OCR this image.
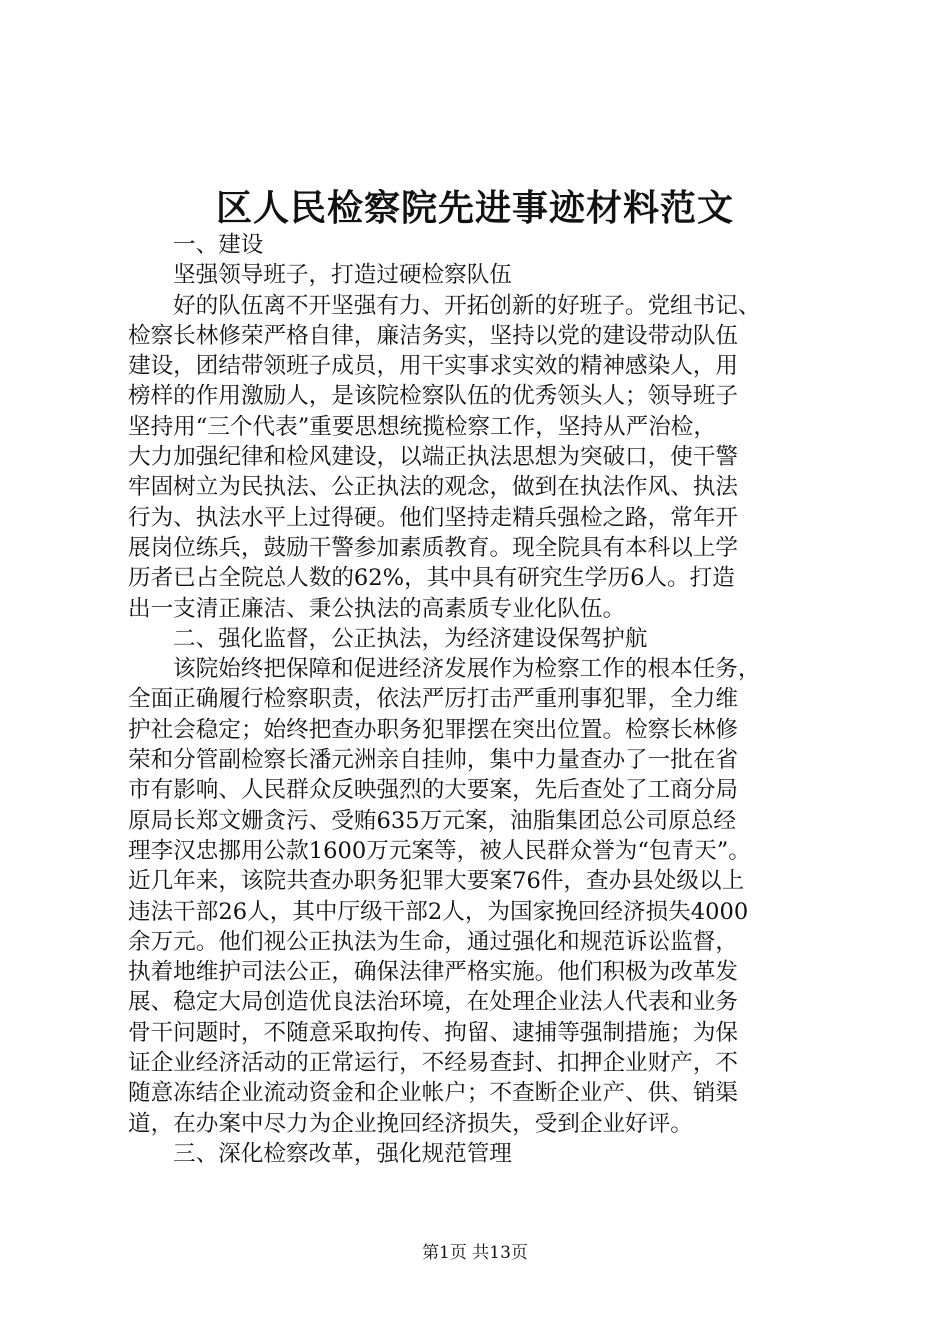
区人民检察院先进事迹材料范文
一、建设
坚强领导班子，打造过硬检察队伍
好的队伍离不开坚强有力、开拓创新的好班子。党组书记、
检察长林修荣严格自律，廉洁务实，坚持以党的建设带动队伍
建设，团结带领班子成员，用干实事求实效的精神感染人，用
榜样的作用激励人，是该院检察队伍的优秀领头人；领导班子
坚持用“三个代表”重要思想统揽检察工作，坚持从严治检，
大力加强纪律和检风建设，以端正执法思想为突破口，使干警
牢固树立为民执法、公正执法的观念，做到在执法作风、执法
行为、执法水平上过得硬。他们坚持走精兵强检之路，常年开
展岗位练兵，鼓励干警参加素质教育。现全院具有本科以上学
历者已占全院总人数的62%，其中具有研究生学历6人。打造
出一支清正廉洁、秉公执法的高素质专业化队伍。
二、强化监督，公正执法，为经济建设保驾护航
该院始终把保障和促进经济发展作为检察工作的根本任务，
全面正确履行检察职责，依法严厉打击严重刑事犯罪，全力维
护社会稳定；始终把查办职务犯罪摆在突出位置。检察长林修
荣和分管副检察长潘元洲亲自挂帅，集中力量查办了一批在省
市有影响、人民群众反映强烈的大要案，先后查处了工商分局
原局长郑文姗贪污、受贿635万元案，油脂集团总公司原总经
理李汉忠挪用公款1600万元案等，被人民群众誉为“包青天”。
近几年来，该院共查办职务犯罪大要案76件，查办县处级以上
违法干部26人，其中厅级干部2人，为国家挽回经济损失4000
余万元。他们视公正执法为生命，通过强化和规范诉讼监督，
执着地维护司法公正，确保法律严格实施。他们积极为改革发
展、稳定大局创造优良法治环境，在处理企业法人代表和业务
骨干问题时，不随意采取拘传、拘留、逮捕等强制措施；为保
证企业经济活动的正常运行，不经易查封、扣押企业财产，不
随意冻结企业流动资金和企业帐户；不查断企业产、供、销渠
道，在办案中尽力为企业挽回经济损失，受到企业好评。
三、深化检察改革，强化规范管理
第1页 共13页
